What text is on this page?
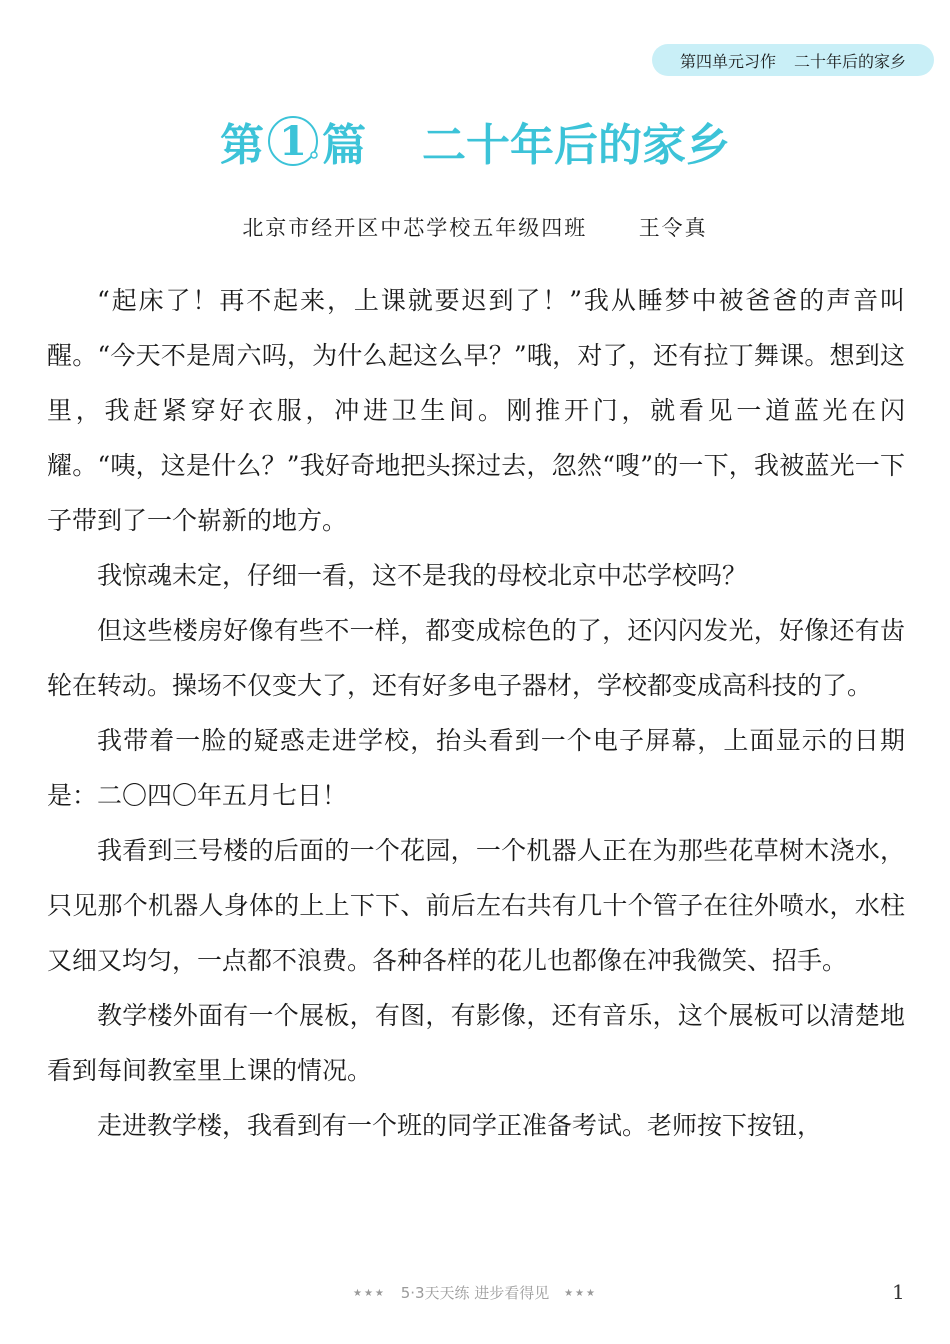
第四单元习作 二十年后的家乡
第 1 篇 二十年后的家乡
北京市经开区中芯学校五年级四班 王令真

“起床了！再不起来，上课就要迟到了！”我从睡梦中被爸爸的声音叫醒。“今天不是周六吗，为什么起这么早？”哦，对了，还有拉丁舞课。想到这里，我赶紧穿好衣服，冲进卫生间。刚推开门，就看见一道蓝光在闪耀。“咦，这是什么？”我好奇地把头探过去，忽然“嗖”的一下，我被蓝光一下子带到了一个崭新的地方。

我惊魂未定，仔细一看，这不是我的母校北京中芯学校吗？

但这些楼房好像有些不一样，都变成棕色的了，还闪闪发光，好像还有齿轮在转动。操场不仅变大了，还有好多电子器材，学校都变成高科技的了。

我带着一脸的疑惑走进学校，抬头看到一个电子屏幕，上面显示的日期是：二〇四〇年五月七日！

我看到三号楼的后面的一个花园，一个机器人正在为那些花草树木浇水，只见那个机器人身体的上上下下、前后左右共有几十个管子在往外喷水，水柱又细又均匀，一点都不浪费。各种各样的花儿也都像在冲我微笑、招手。

教学楼外面有一个展板，有图，有影像，还有音乐，这个展板可以清楚地看到每间教室里上课的情况。

走进教学楼，我看到有一个班的同学正准备考试。老师按下按钮，

★★★ 5·3天天练 进步看得见 ★★★	1
